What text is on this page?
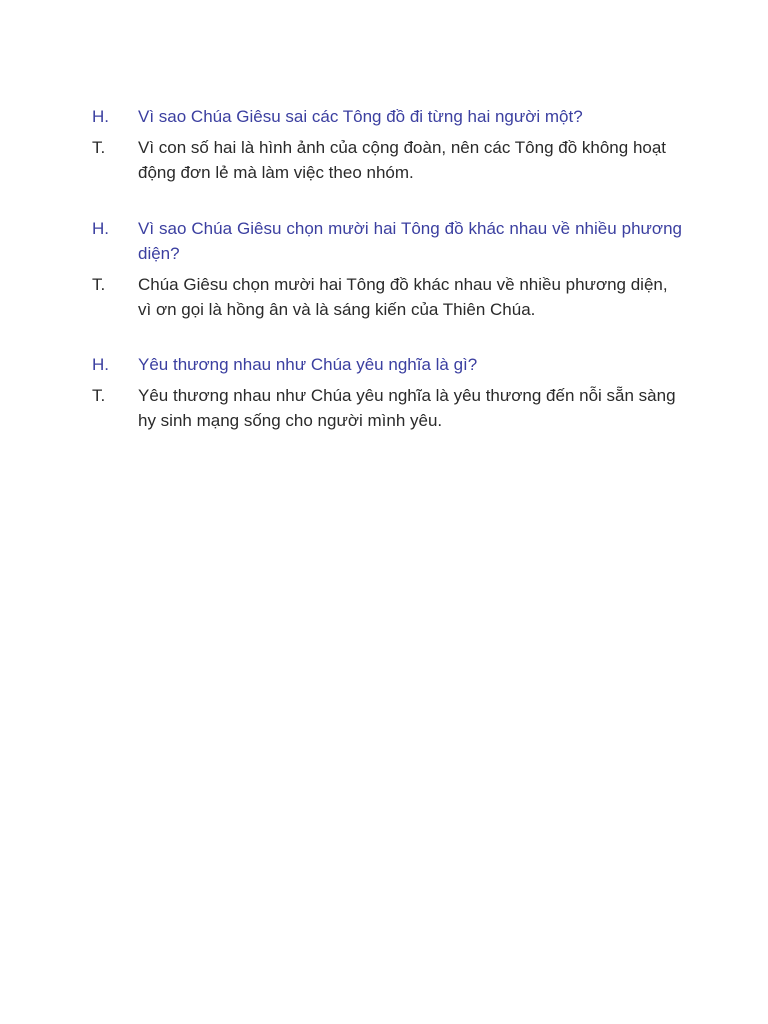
H.	Vì sao Chúa Giêsu sai các Tông đồ đi từng hai người một?
T.	Vì con số hai là hình ảnh của cộng đoàn, nên các Tông đồ không hoạt động đơn lẻ mà làm việc theo nhóm.
H.	Vì sao Chúa Giêsu chọn mười hai Tông đồ khác nhau về nhiều phương diện?
T.	Chúa Giêsu chọn mười hai Tông đồ khác nhau về nhiều phương diện, vì ơn gọi là hồng ân và là sáng kiến của Thiên Chúa.
H.	Yêu thương nhau như Chúa yêu nghĩa là gì?
T.	Yêu thương nhau như Chúa yêu nghĩa là yêu thương đến nỗi sẵn sàng hy sinh mạng sống cho người mình yêu.
